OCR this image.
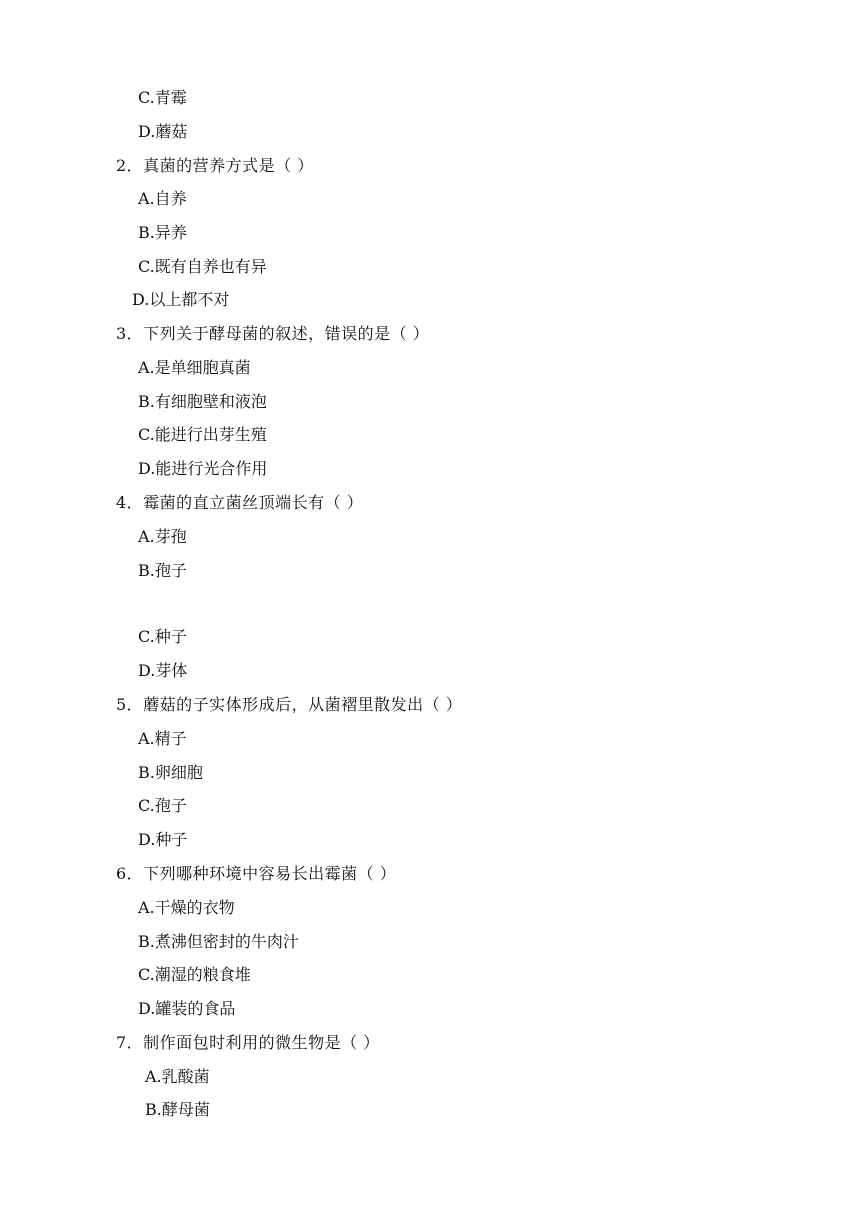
C.青霉
D.蘑菇
2．真菌的营养方式是（ ）
A.自养
B.异养
C.既有自养也有异
D.以上都不对
3．下列关于酵母菌的叙述，错误的是（ ）
A.是单细胞真菌
B.有细胞壁和液泡
C.能进行出芽生殖
D.能进行光合作用
4．霉菌的直立菌丝顶端长有（ ）
A.芽孢
B.孢子
C.种子
D.芽体
5．蘑菇的子实体形成后，从菌褶里散发出（ ）
A.精子
B.卵细胞
C.孢子
D.种子
6．下列哪种环境中容易长出霉菌（ ）
A.干燥的衣物
B.煮沸但密封的牛肉汁
C.潮湿的粮食堆
D.罐装的食品
7．制作面包时利用的微生物是（ ）
A.乳酸菌
B.酵母菌
